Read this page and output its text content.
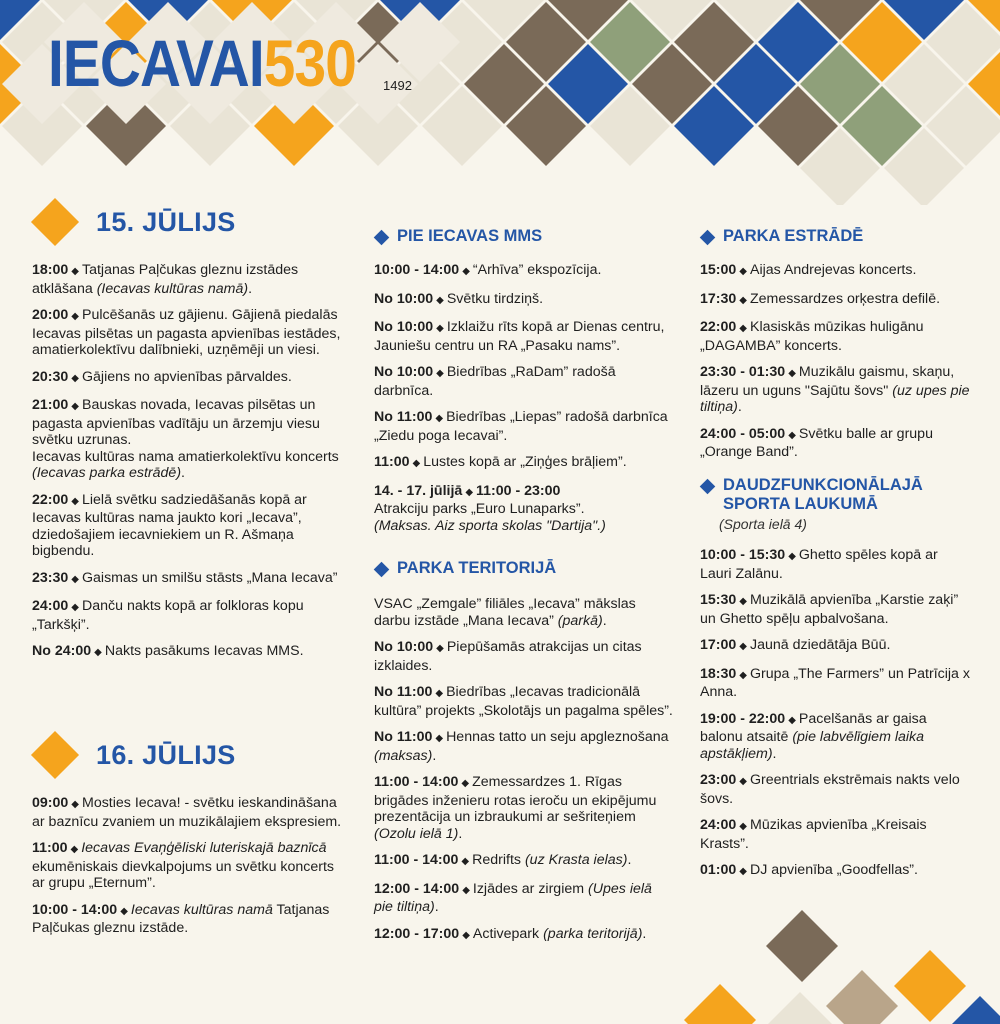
IECAVAI530 1492
15. JŪLIJS
18:00 ◆ Tatjanas Paļčukas gleznu izstādes atklāšana (Iecavas kultūras namā).
20:00 ◆ Pulcēšanās uz gājienu. Gājienā piedalās Iecavas pilsētas un pagasta apvienības iestādes, amatierkolektīvu dalībnieki, uzņēmēji un viesi.
20:30 ◆ Gājiens no apvienības pārvaldes.
21:00 ◆ Bauskas novada, Iecavas pilsētas un pagasta apvienības vadītāju un ārzemju viesu svētku uzrunas.
Iecavas kultūras nama amatierkolektīvu koncerts (Iecavas parka estrādē).
22:00 ◆ Lielā svētku sadziedāšanās kopā ar Iecavas kultūras nama jaukto kori „Iecava”, dziedošajiem iecavniekiem un R. Ašmaņa bigbendu.
23:30 ◆ Gaismas un smilšu stāsts „Mana Iecava”
24:00 ◆ Danču nakts kopā ar folkloras kopu „Tarkšķi”.
No 24:00 ◆ Nakts pasākums Iecavas MMS.
16. JŪLIJS
09:00 ◆ Mosties Iecava! - svētku ieskandināšana ar baznīcu zvaniem un muzikālajiem ekspresiem.
11:00 ◆ Iecavas Evaņģēliski luteriskajā baznīcā ekumēniskais dievkalpojums un svētku koncerts ar grupu „Eternum”.
10:00 - 14:00 ◆ Iecavas kultūras namā Tatjanas Paļčukas gleznu izstāde.
PIE IECAVAS MMS
10:00 - 14:00 ◆ “Arhīva” ekspozīcija.
No 10:00 ◆ Svētku tirdziņš.
No 10:00 ◆ Izklaižu rīts kopā ar Dienas centru, Jauniešu centru un RA „Pasaku nams”.
No 10:00 ◆ Biedrības „RaDam” radošā darbnīca.
No 11:00 ◆ Biedrības „Liepas” radošā darbnīca „Ziedu poga Iecavai”.
11:00 ◆ Lustes kopā ar „Ziņģes brāļiem”.
14. - 17. jūlijā ◆ 11:00 - 23:00
Atrakciju parks „Euro Lunaparks”.
(Maksas. Aiz sporta skolas "Dartija".)
PARKA TERITORIJĀ
VSAC „Zemgale” filiāles „Iecava” mākslas darbu izstāde „Mana Iecava” (parkā).
No 10:00 ◆ Piepūšamās atrakcijas un citas izklaides.
No 11:00 ◆ Biedrības „Iecavas tradicionālā kultūra” projekts „Skolotājs un pagalma spēles”.
No 11:00 ◆ Hennas tatto un seju apgleznošana (maksas).
11:00 - 14:00 ◆ Zemessardzes 1. Rīgas brigādes inženieru rotas ieroču un ekipējumu prezentācija un izbraukumi ar sešriteņiem (Ozolu ielā 1).
11:00 - 14:00 ◆ Redrifts (uz Krasta ielas).
12:00 - 14:00 ◆ Izjādes ar zirgiem (Upes ielā pie tiltiņa).
12:00 - 17:00 ◆ Activepark (parka teritorijā).
PARKA ESTRĀDĒ
15:00 ◆ Aijas Andrejevas koncerts.
17:30 ◆ Zemessardzes orķestra defilē.
22:00 ◆ Klasiskās mūzikas huligānu „DAGAMBA” koncerts.
23:30 - 01:30 ◆ Muzikālu gaismu, skaņu, lāzeru un uguns "Sajūtu šovs" (uz upes pie tiltiņa).
24:00 - 05:00 ◆ Svētku balle ar grupu „Orange Band”.
DAUDZFUNKCIONĀLAJĀ
SPORTA LAUKUMĀ
(Sporta ielā 4)
10:00 - 15:30 ◆ Ghetto spēles kopā ar Lauri Zalānu.
15:30 ◆ Muzikālā apvienība „Karstie zaķi” un Ghetto spēļu apbalvošana.
17:00 ◆ Jaunā dziedātāja Būū.
18:30 ◆ Grupa „The Farmers” un Patrīcija x Anna.
19:00 - 22:00 ◆ Pacelšanās ar gaisa balonu atsaitē (pie labvēlīgiem laika apstākļiem).
23:00 ◆ Greentrials ekstrēmais nakts velo šovs.
24:00 ◆ Mūzikas apvienība „Kreisais Krasts”.
01:00 ◆ DJ apvienība „Goodfellas”.
